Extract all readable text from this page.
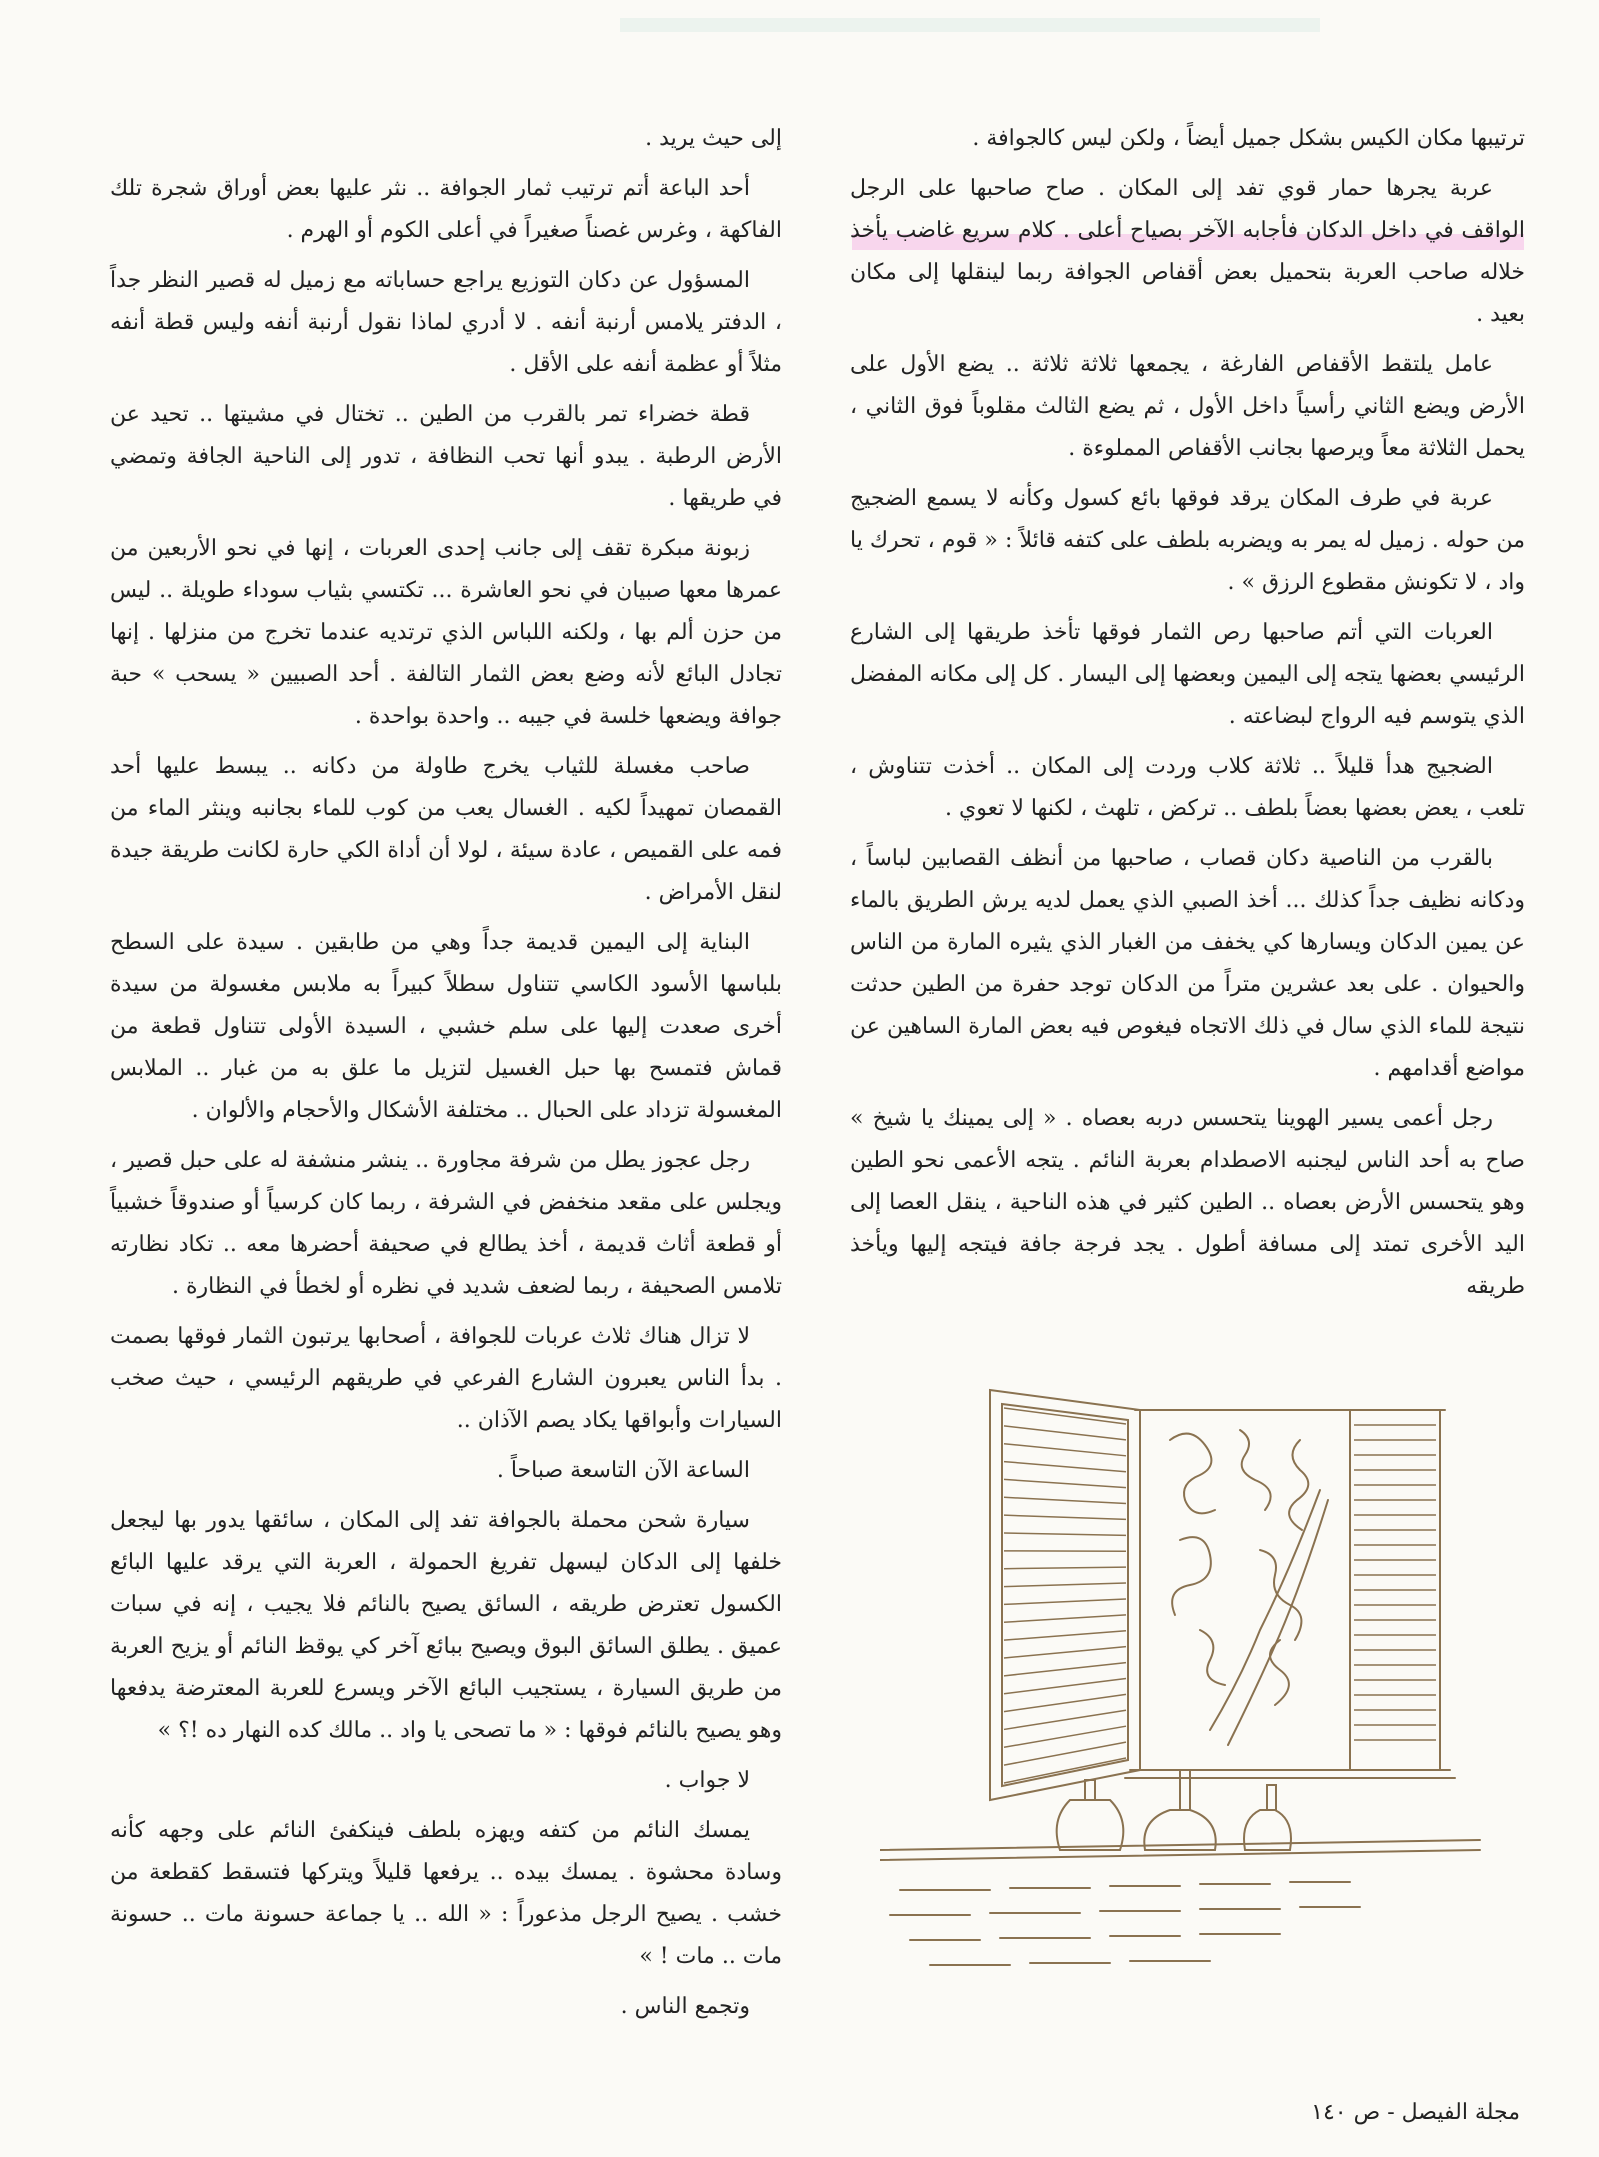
ترتيبها مكان الكيس بشكل جميل أيضاً ، ولكن ليس كالجوافة .

عربة يجرها حمار قوي تفد إلى المكان . صاح صاحبها على الرجل الواقف في داخل الدكان فأجابه الآخر بصياح أعلى . كلام سريع غاضب يأخذ خلاله صاحب العربة بتحميل بعض أقفاص الجوافة ربما لينقلها إلى مكان بعيد .

عامل يلتقط الأقفاص الفارغة ، يجمعها ثلاثة ثلاثة .. يضع الأول على الأرض ويضع الثاني رأسياً داخل الأول ، ثم يضع الثالث مقلوباً فوق الثاني ، يحمل الثلاثة معاً ويرصها بجانب الأقفاص المملوءة .

عربة في طرف المكان يرقد فوقها بائع كسول وكأنه لا يسمع الضجيج من حوله . زميل له يمر به ويضربه بلطف على كتفه قائلاً : « قوم ، تحرك يا واد ، لا تكونش مقطوع الرزق » .

العربات التي أتم صاحبها رص الثمار فوقها تأخذ طريقها إلى الشارع الرئيسي بعضها يتجه إلى اليمين وبعضها إلى اليسار . كل إلى مكانه المفضل الذي يتوسم فيه الرواج لبضاعته .

الضجيج هدأ قليلاً .. ثلاثة كلاب وردت إلى المكان .. أخذت تتناوش ، تلعب ، يعض بعضها بعضاً بلطف .. تركض ، تلهث ، لكنها لا تعوي .

بالقرب من الناصية دكان قصاب ، صاحبها من أنظف القصابين لباساً ، ودكانه نظيف جداً كذلك ... أخذ الصبي الذي يعمل لديه يرش الطريق بالماء عن يمين الدكان ويسارها كي يخفف من الغبار الذي يثيره المارة من الناس والحيوان . على بعد عشرين متراً من الدكان توجد حفرة من الطين حدثت نتيجة للماء الذي سال في ذلك الاتجاه فيغوص فيه بعض المارة الساهين عن مواضع أقدامهم .

رجل أعمى يسير الهوينا يتحسس دربه بعصاه . « إلى يمينك يا شيخ » صاح به أحد الناس ليجنبه الاصطدام بعربة النائم . يتجه الأعمى نحو الطين وهو يتحسس الأرض بعصاه .. الطين كثير في هذه الناحية ، ينقل العصا إلى اليد الأخرى تمتد إلى مسافة أطول . يجد فرجة جافة فيتجه إليها ويأخذ طريقه

إلى حيث يريد .

أحد الباعة أتم ترتيب ثمار الجوافة .. نثر عليها بعض أوراق شجرة تلك الفاكهة ، وغرس غصناً صغيراً في أعلى الكوم أو الهرم .

المسؤول عن دكان التوزيع يراجع حساباته مع زميل له قصير النظر جداً ، الدفتر يلامس أرنبة أنفه . لا أدري لماذا نقول أرنبة أنفه وليس قطة أنفه مثلاً أو عظمة أنفه على الأقل .

قطة خضراء تمر بالقرب من الطين .. تختال في مشيتها .. تحيد عن الأرض الرطبة . يبدو أنها تحب النظافة ، تدور إلى الناحية الجافة وتمضي في طريقها .

زبونة مبكرة تقف إلى جانب إحدى العربات ، إنها في نحو الأربعين من عمرها معها صبيان في نحو العاشرة ... تكتسي بثياب سوداء طويلة .. ليس من حزن ألم بها ، ولكنه اللباس الذي ترتديه عندما تخرج من منزلها . إنها تجادل البائع لأنه وضع بعض الثمار التالفة . أحد الصبيين « يسحب » حبة جوافة ويضعها خلسة في جيبه .. واحدة بواحدة .

صاحب مغسلة للثياب يخرج طاولة من دكانه .. يبسط عليها أحد القمصان تمهيداً لكيه . الغسال يعب من كوب للماء بجانبه وينثر الماء من فمه على القميص ، عادة سيئة ، لولا أن أداة الكي حارة لكانت طريقة جيدة لنقل الأمراض .

البناية إلى اليمين قديمة جداً وهي من طابقين . سيدة على السطح بلباسها الأسود الكاسي تتناول سطلاً كبيراً به ملابس مغسولة من سيدة أخرى صعدت إليها على سلم خشبي ، السيدة الأولى تتناول قطعة من قماش فتمسح بها حبل الغسيل لتزيل ما علق به من غبار .. الملابس المغسولة تزداد على الحبال .. مختلفة الأشكال والأحجام والألوان .

رجل عجوز يطل من شرفة مجاورة .. ينشر منشفة له على حبل قصير ، ويجلس على مقعد منخفض في الشرفة ، ربما كان كرسياً أو صندوقاً خشبياً أو قطعة أثاث قديمة ، أخذ يطالع في صحيفة أحضرها معه .. تكاد نظارته تلامس الصحيفة ، ربما لضعف شديد في نظره أو لخطأ في النظارة .

لا تزال هناك ثلاث عربات للجوافة ، أصحابها يرتبون الثمار فوقها بصمت . بدأ الناس يعبرون الشارع الفرعي في طريقهم الرئيسي ، حيث صخب السيارات وأبواقها يكاد يصم الآذان ..

الساعة الآن التاسعة صباحاً .

سيارة شحن محملة بالجوافة تفد إلى المكان ، سائقها يدور بها ليجعل خلفها إلى الدكان ليسهل تفريغ الحمولة ، العربة التي يرقد عليها البائع الكسول تعترض طريقه ، السائق يصيح بالنائم فلا يجيب ، إنه في سبات عميق . يطلق السائق البوق ويصيح ببائع آخر كي يوقظ النائم أو يزيح العربة من طريق السيارة ، يستجيب البائع الآخر ويسرع للعربة المعترضة يدفعها وهو يصيح بالنائم فوقها : « ما تصحى يا واد .. مالك كده النهار ده !؟ »

لا جواب .

يمسك النائم من كتفه ويهزه بلطف فينكفئ النائم على وجهه كأنه وسادة محشوة . يمسك بيده .. يرفعها قليلاً ويتركها فتسقط كقطعة من خشب . يصيح الرجل مذعوراً : « الله .. يا جماعة حسونة مات .. حسونة مات .. مات ! »

وتجمع الناس .

مجلة الفيصل - ص ١٤٠
